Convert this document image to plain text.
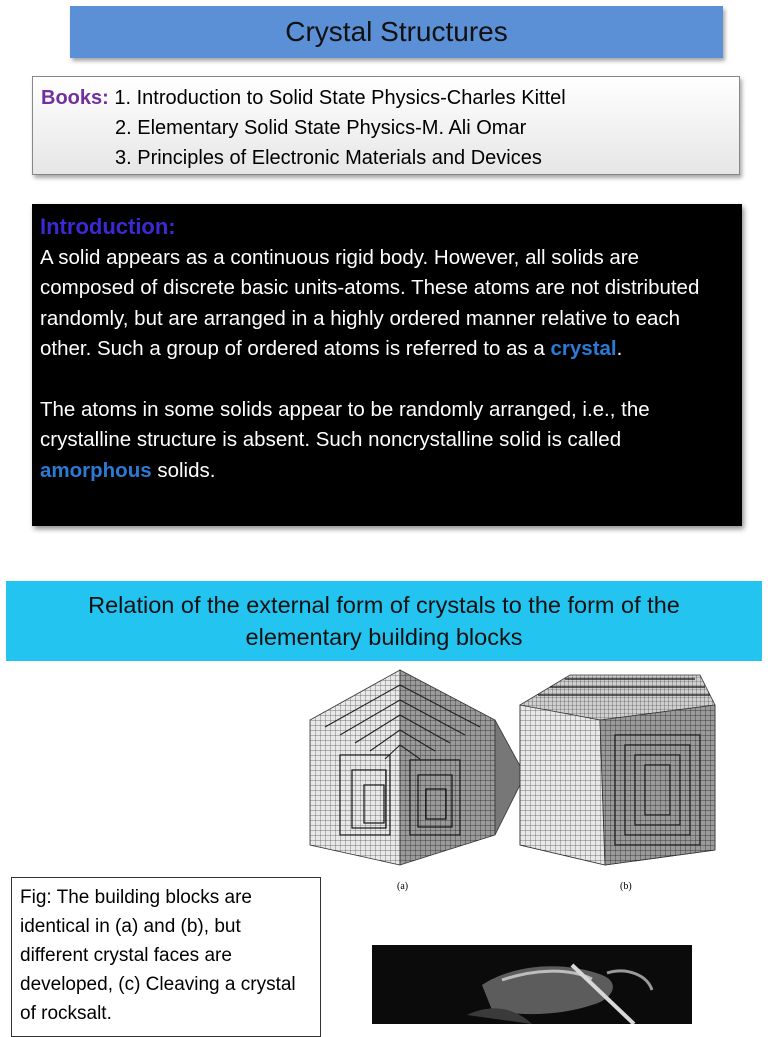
Crystal Structures
Books: 1. Introduction to Solid State Physics-Charles Kittel
2. Elementary Solid State Physics-M. Ali Omar
3. Principles of Electronic Materials and Devices
Introduction:

A solid appears as a continuous rigid body. However, all solids are composed of discrete basic units-atoms. These atoms are not distributed randomly, but are arranged in a highly ordered manner relative to each other. Such a group of ordered atoms is referred to as a crystal.

The atoms in some solids appear to be randomly arranged, i.e., the crystalline structure is absent. Such noncrystalline solid is called amorphous solids.

Relation of the external form of crystals to the form of the
elementary building blocks
(a)	(b)
Fig: The building blocks are identical in (a) and (b), but different crystal faces are developed, (c) Cleaving a crystal of rocksalt.
